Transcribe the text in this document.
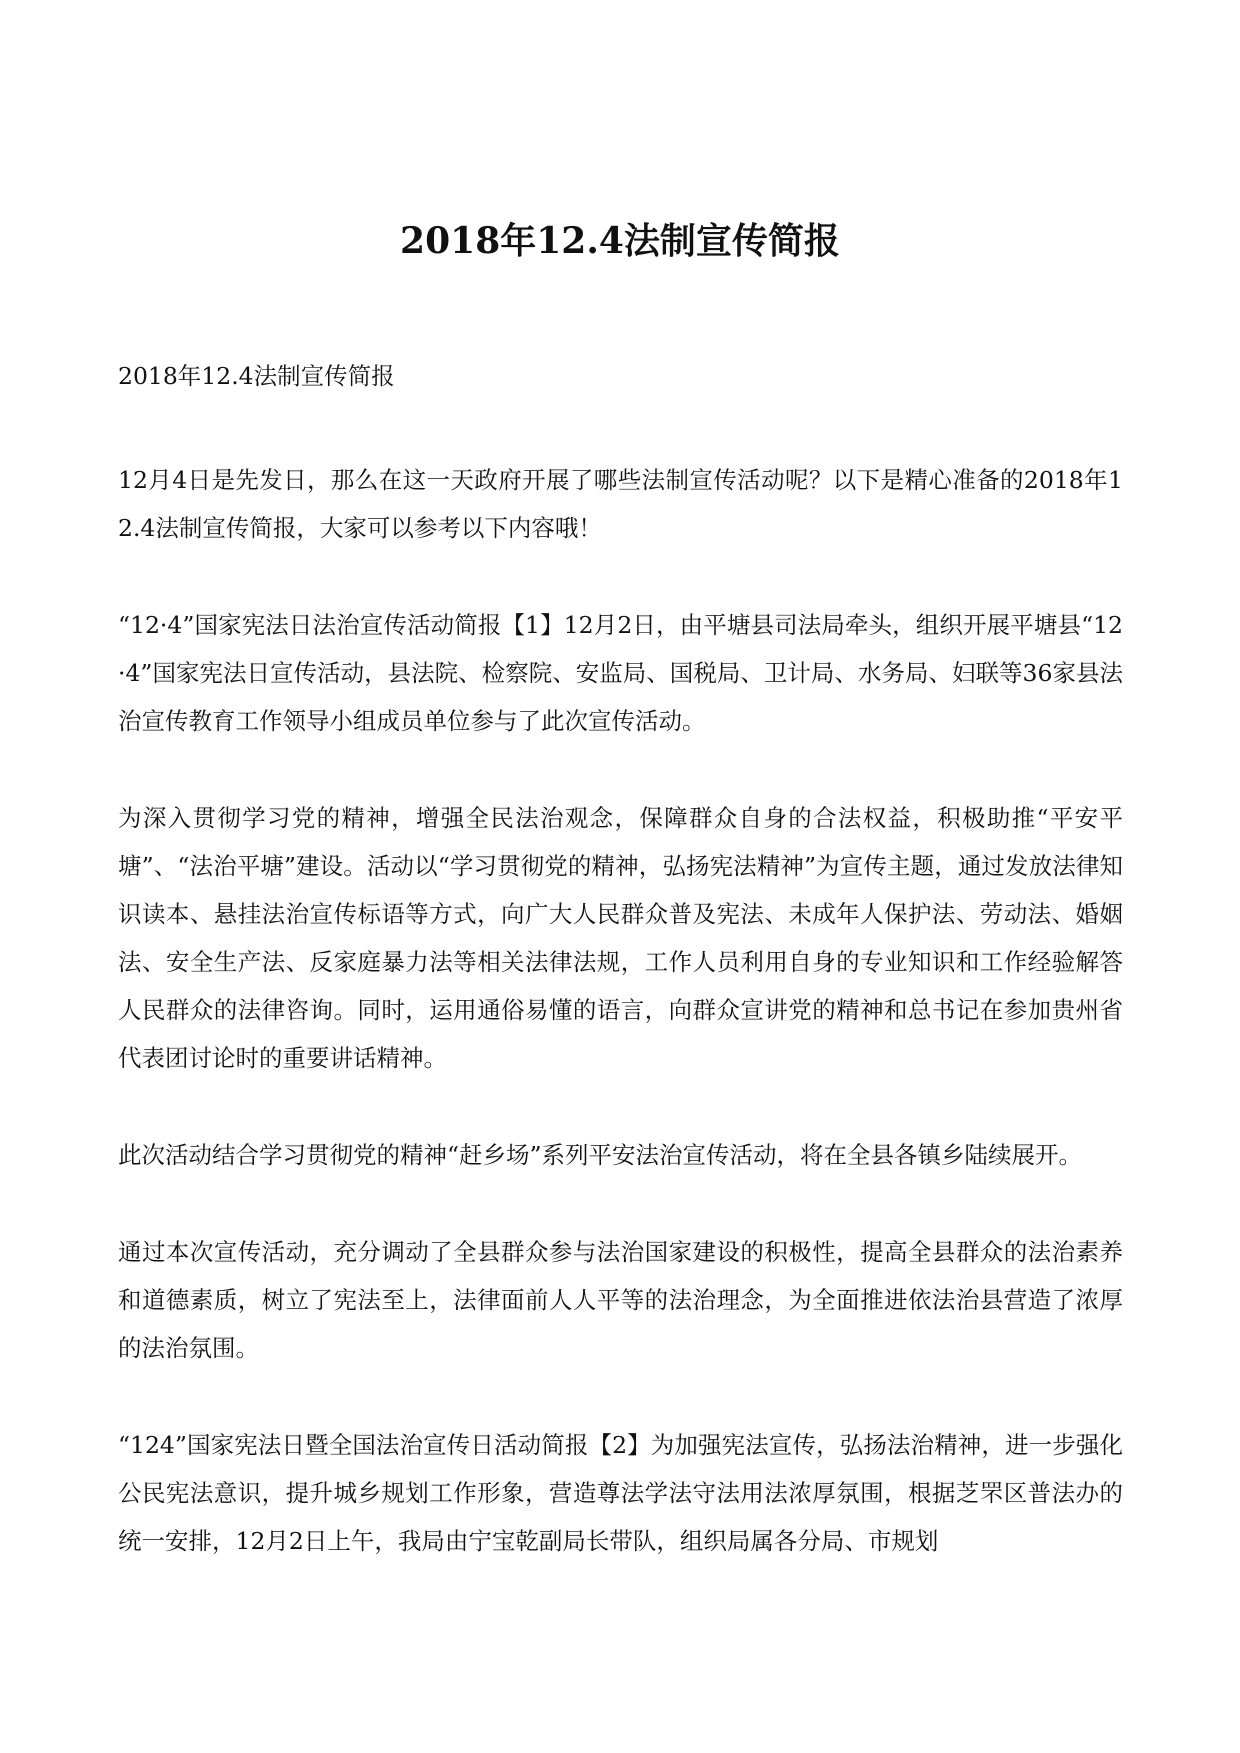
2018年12.4法制宣传简报

2018年12.4法制宣传简报

12月4日是先发日，那么在这一天政府开展了哪些法制宣传活动呢？以下是精心准备的2018年12.4法制宣传简报，大家可以参考以下内容哦！

“12·4”国家宪法日法治宣传活动简报【1】12月2日，由平塘县司法局牵头，组织开展平塘县“12·4”国家宪法日宣传活动，县法院、检察院、安监局、国税局、卫计局、水务局、妇联等36家县法治宣传教育工作领导小组成员单位参与了此次宣传活动。

为深入贯彻学习党的精神，增强全民法治观念，保障群众自身的合法权益，积极助推“平安平塘”、“法治平塘”建设。活动以“学习贯彻党的精神，弘扬宪法精神”为宣传主题，通过发放法律知识读本、悬挂法治宣传标语等方式，向广大人民群众普及宪法、未成年人保护法、劳动法、婚姻法、安全生产法、反家庭暴力法等相关法律法规，工作人员利用自身的专业知识和工作经验解答人民群众的法律咨询。同时，运用通俗易懂的语言，向群众宣讲党的精神和总书记在参加贵州省代表团讨论时的重要讲话精神。

此次活动结合学习贯彻党的精神“赶乡场”系列平安法治宣传活动，将在全县各镇乡陆续展开。

通过本次宣传活动，充分调动了全县群众参与法治国家建设的积极性，提高全县群众的法治素养和道德素质，树立了宪法至上，法律面前人人平等的法治理念，为全面推进依法治县营造了浓厚的法治氛围。

“124”国家宪法日暨全国法治宣传日活动简报【2】为加强宪法宣传，弘扬法治精神，进一步强化公民宪法意识，提升城乡规划工作形象，营造尊法学法守法用法浓厚氛围，根据芝罘区普法办的统一安排，12月2日上午，我局由宁宝乾副局长带队，组织局属各分局、市规划
